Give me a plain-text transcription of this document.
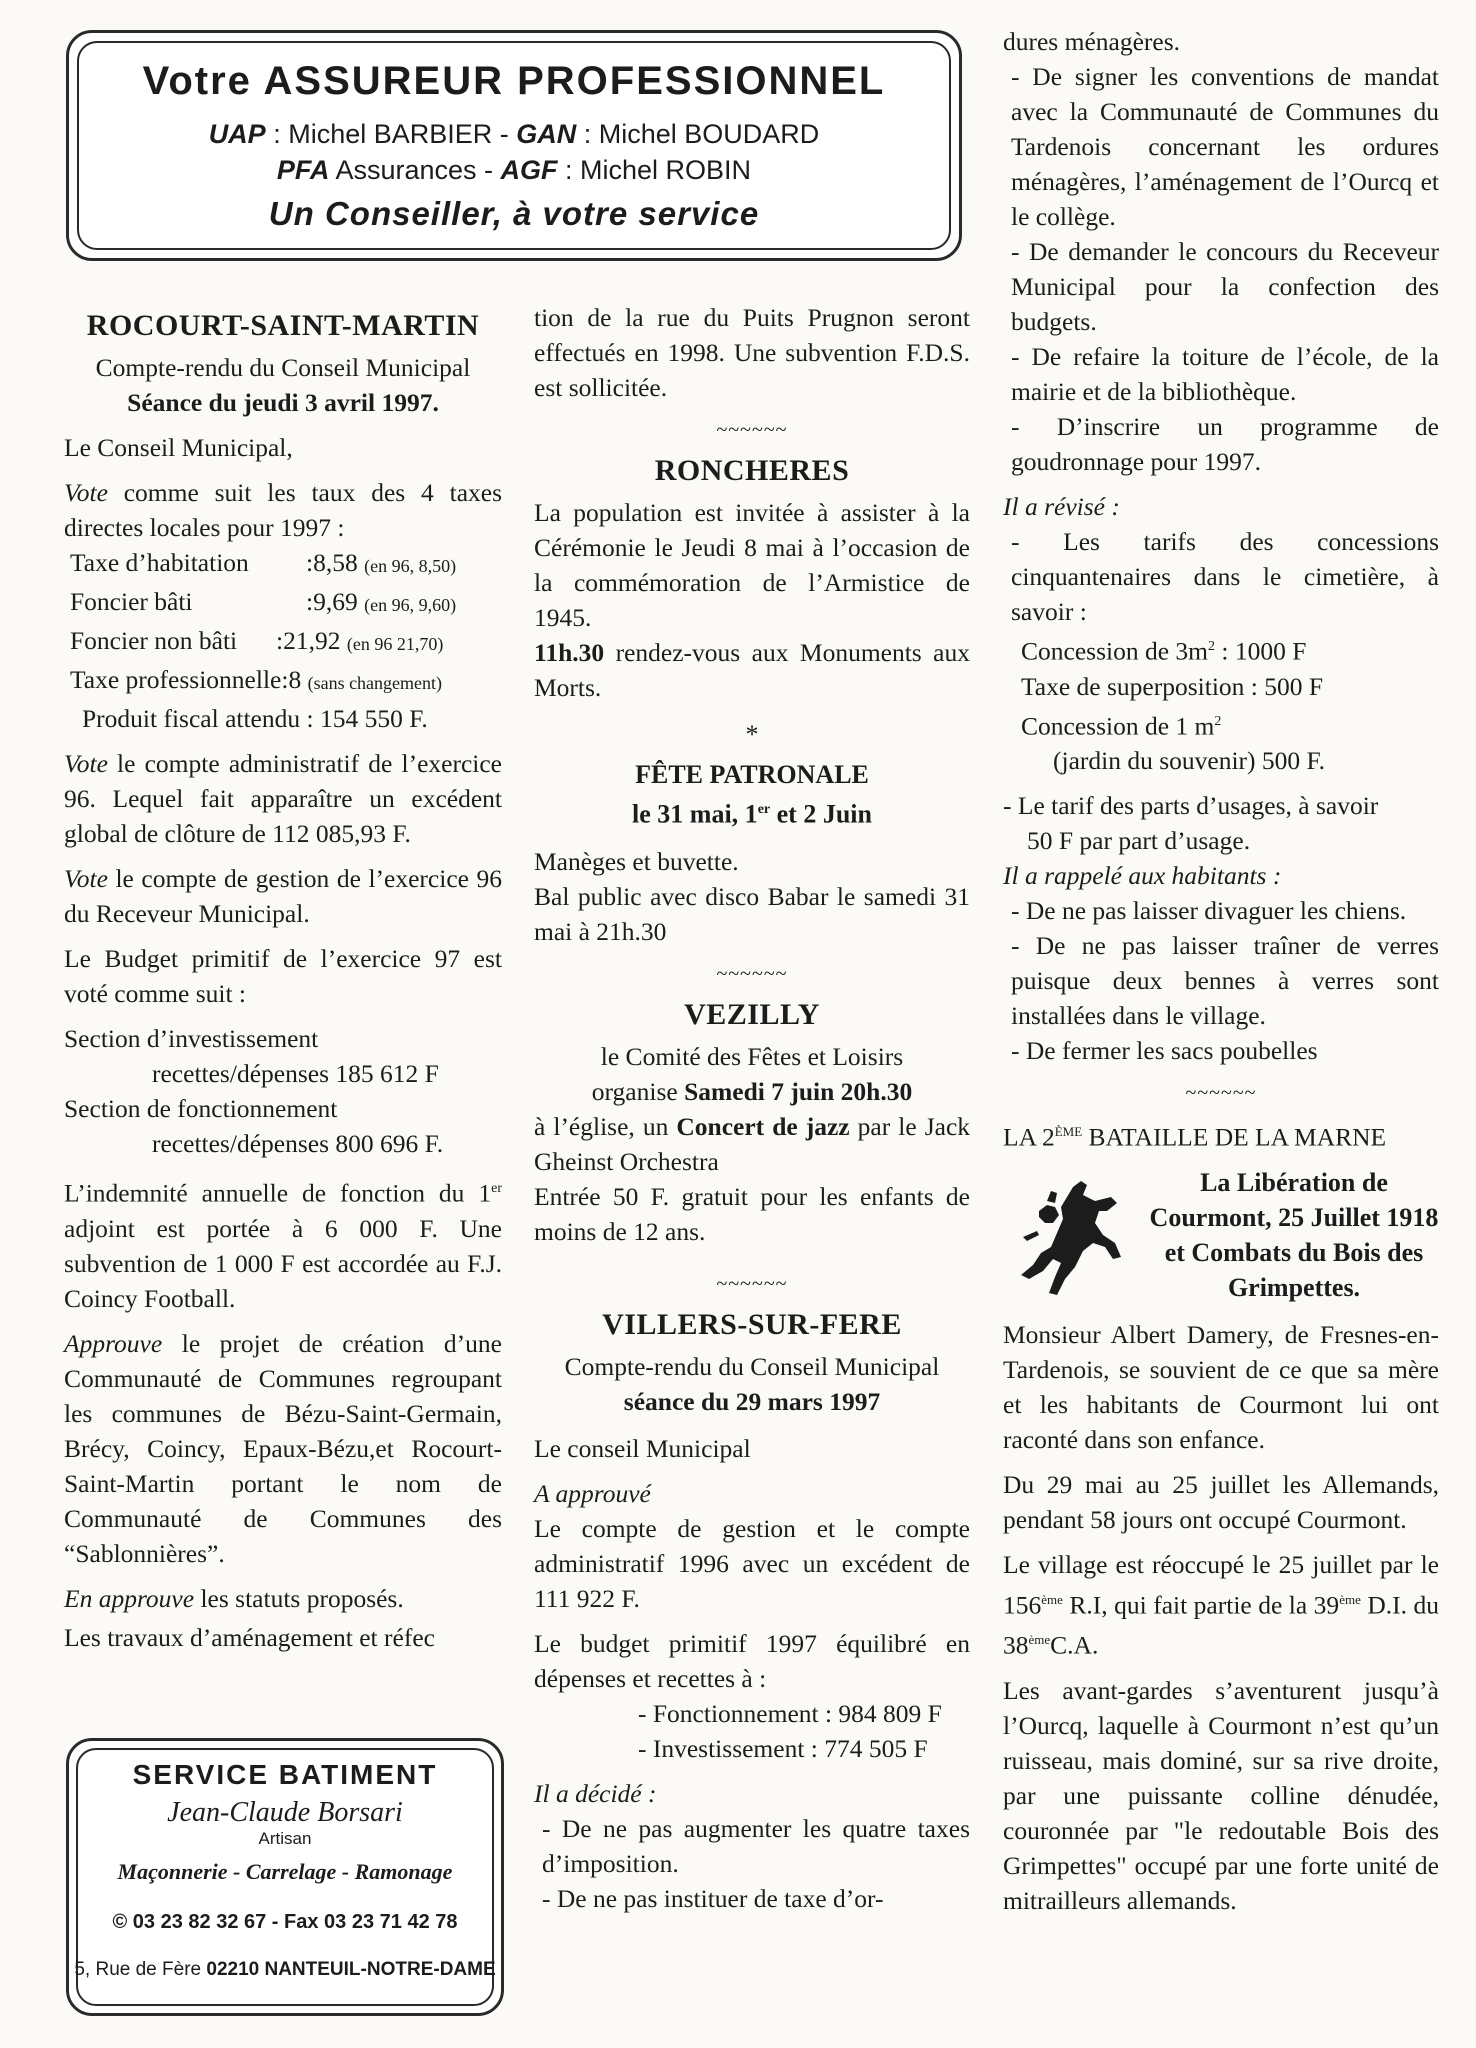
Votre ASSUREUR PROFESSIONNEL
UAP : Michel BARBIER - GAN : Michel BOUDARD
PFA Assurances - AGF : Michel ROBIN
Un Conseiller, à votre service
ROCOURT-SAINT-MARTIN
Compte-rendu du Conseil Municipal
Séance du jeudi 3 avril 1997.

Le Conseil Municipal,

Vote comme suit les taux des 4 taxes directes locales pour 1997 :

Taxe d’habitation	: 8,58
(en 96, 8,50)
Foncier bâti	: 9,69
(en 96, 9,60)
Foncier non bâti	: 21,92
(en 96 21,70)
Taxe professionnelle : 8
(sans changement)
Produit fiscal attendu : 154 550 F.

Vote le compte administratif de l’exercice 96. Lequel fait apparaître un excédent global de clôture de 112 085,93 F.

Vote le compte de gestion de l’exercice 96 du Receveur Municipal.

Le Budget primitif de l’exercice 97 est voté comme suit :

Section d’investissement
recettes/dépenses 185 612 F
Section de fonctionnement
recettes/dépenses 800 696 F.

L’indemnité annuelle de fonction du 1er adjoint est portée à 6 000 F. Une subvention de 1 000 F est accordée au F.J. Coincy Football.

Approuve le projet de création d’une Communauté de Communes regroupant les communes de Bézu-Saint-Germain, Brécy, Coincy, Epaux-Bézu,et Rocourt-Saint-Martin portant le nom de Communauté de Communes des “Sablonnières”.

En approuve les statuts proposés.

Les travaux d’aménagement et réfec
SERVICE BATIMENT
Jean-Claude Borsari
Artisan
Maçonnerie - Carrelage - Ramonage
© 03 23 82 32 67 - Fax 03 23 71 42 78
5, Rue de Fère 02210 NANTEUIL-NOTRE-DAME

tion de la rue du Puits Prugnon seront effectués en 1998. Une subvention F.D.S. est sollicitée.

~~~~~~
RONCHERES

La population est invitée à assister à la Cérémonie le Jeudi 8 mai à l’occasion de la commémoration de l’Armistice de 1945.

11h.30 rendez-vous aux Monuments aux Morts.

*
FÊTE PATRONALE
le 31 mai, 1er et 2 Juin
Manèges et buvette.

Bal public avec disco Babar le samedi 31 mai à 21h.30

~~~~~~
VEZILLY
le Comité des Fêtes et Loisirs
organise Samedi 7 juin 20h.30

à l’église, un Concert de jazz par le Jack Gheinst Orchestra

Entrée 50 F. gratuit pour les enfants de moins de 12 ans.

~~~~~~
VILLERS-SUR-FERE
Compte-rendu du Conseil Municipal
séance du 29 mars 1997

Le conseil Municipal

A approuvé

Le compte de gestion et le compte administratif 1996 avec un excédent de 111 922 F.

Le budget primitif 1997 équilibré en dépenses et recettes à :

- Fonctionnement : 984 809 F
- Investissement : 774 505 F
Il a décidé :
- De ne pas augmenter les quatre taxes d’imposition.
- De ne pas instituer de taxe d’or-
dures ménagères.
- De signer les conventions de mandat avec la Communauté de Communes du Tardenois concernant les ordures ménagères, l’aménagement de l’Ourcq et le collège.
- De demander le concours du Receveur Municipal pour la confection des budgets.
- De refaire la toiture de l’école, de la mairie et de la bibliothèque.
- D’inscrire un programme de goudronnage pour 1997.
Il a révisé :
- Les tarifs des concessions cinquantenaires dans le cimetière, à savoir :
Concession de $3m^2$ : 1000 F
Taxe de superposition : 500 F
Concession de 1 $m^2$
(jardin du souvenir) 500 F.
- Le tarif des parts d’usages, à savoir
50 F par part d’usage.
Il a rappelé aux habitants :
- De ne pas laisser divaguer les chiens.
- De ne pas laisser traîner de verres puisque deux bennes à verres sont installées dans le village.
- De fermer les sacs poubelles
~~~~~~
LA 2ÈME BATAILLE DE LA MARNE
La Libération de Courmont, 25 Juillet 1918 et Combats du Bois des Grimpettes.

Monsieur Albert Damery, de Fresnes-en-Tardenois, se souvient de ce que sa mère et les habitants de Courmont lui ont raconté dans son enfance.

Du 29 mai au 25 juillet les Allemands, pendant 58 jours ont occupé Courmont.

Le village est réoccupé le 25 juillet par le 156ème R.I, qui fait partie de la 39ème D.I. du 38èmeC.A.

Les avant-gardes s’aventurent jusqu’à l’Ourcq, laquelle à Courmont n’est qu’un ruisseau, mais dominé, sur sa rive droite, par une puissante colline dénudée, couronnée par "le redoutable Bois des Grimpettes" occupé par une forte unité de mitrailleurs allemands.
